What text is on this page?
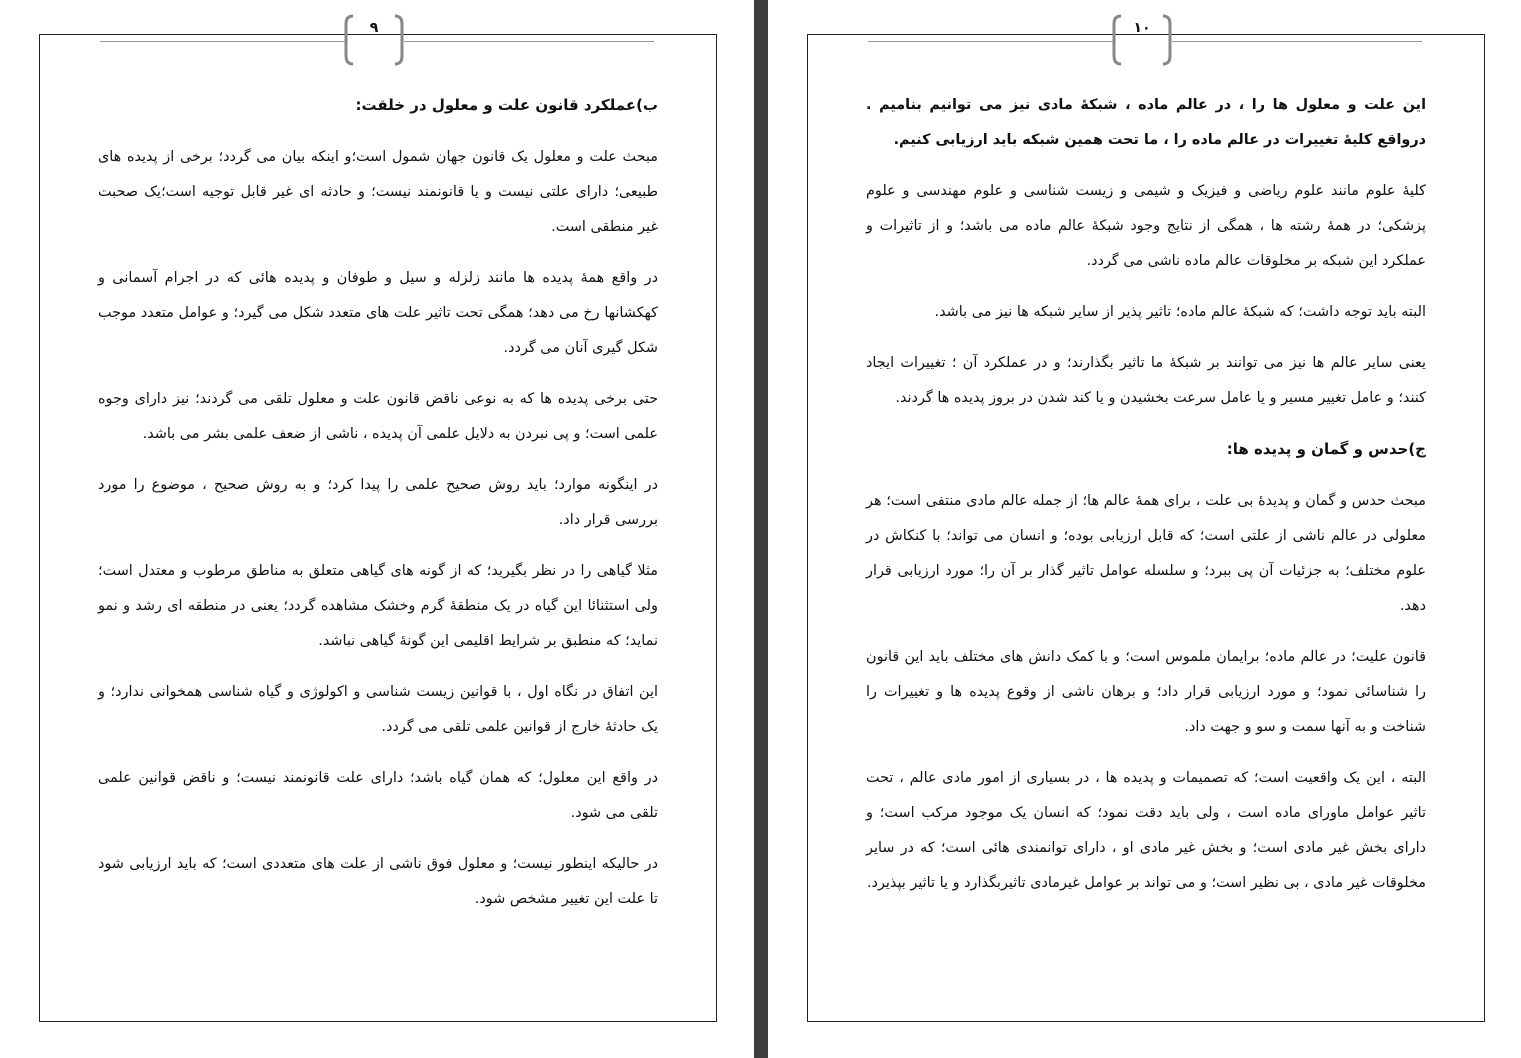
۹
ب)عملکرد قانون علت و معلول در خلقت:

مبحث علت و معلول یک قانون جهان شمول است؛و اینکه بیان می گردد؛ برخی از پدیده های طبیعی؛ دارای علتی نیست و یا قانونمند نیست؛ و حادثه ای غیر قابل توجیه است؛یک صحبت غیر منطقی است.

در واقع همهٔ پدیده ها مانند زلزله و سیل و طوفان و پدیده هائی که در اجرام آسمانی و کهکشانها رخ می دهد؛ همگی تحت تاثیر علت های متعدد شکل می گیرد؛ و عوامل متعدد موجب شکل گیری آنان می گردد.

حتی برخی پدیده ها که به نوعی ناقض قانون علت و معلول تلقی می گردند؛ نیز دارای وجوه علمی است؛ و پی نبردن به دلایل علمی آن پدیده ، ناشی از ضعف علمی بشر می باشد.

در اینگونه موارد؛ باید روش صحیح علمی را پیدا کرد؛ و به روش صحیح ، موضوع را مورد بررسی قرار داد.

مثلا گیاهی را در نظر بگیرید؛ که از گونه های گیاهی متعلق به مناطق مرطوب و معتدل است؛ ولی استثنائا این گیاه در یک منطقهٔ گرم وخشک مشاهده گردد؛ یعنی در منطقه ای رشد و نمو نماید؛ که منطبق بر شرایط اقلیمی این گونهٔ گیاهی نباشد.

این اتفاق در نگاه اول ، با قوانین زیست شناسی و اکولوژی و گیاه شناسی همخوانی ندارد؛ و یک حادثهٔ خارج از قوانین علمی تلقی می گردد.

در واقع این معلول؛ که همان گیاه باشد؛ دارای علت قانونمند نیست؛ و ناقض قوانین علمی تلقی می شود.

در حالیکه اینطور نیست؛ و معلول فوق ناشی از علت های متعددی است؛ که باید ارزیابی شود تا علت این تغییر مشخص شود.

۱۰

این علت و معلول ها را ، در عالم ماده ، شبکهٔ مادی نیز می توانیم بنامیم . درواقع کلیهٔ تغییرات در عالم ماده را ، ما تحت همین شبکه باید ارزیابی کنیم.

کلیهٔ علوم مانند علوم ریاضی و فیزیک و شیمی و زیست شناسی و علوم مهندسی و علوم پزشکی؛ در همهٔ رشته ها ، همگی از نتایج وجود شبکهٔ عالم ماده می باشد؛ و از تاثیرات و عملکرد این شبکه بر مخلوقات عالم ماده ناشی می گردد.

البته باید توجه داشت؛ که شبکهٔ عالم ماده؛ تاثیر پذیر از سایر شبکه ها نیز می باشد.

یعنی سایر عالم ها نیز می توانند بر شبکهٔ ما تاثیر بگذارند؛ و در عملکرد آن ؛ تغییرات ایجاد کنند؛ و عامل تغییر مسیر و یا عامل سرعت بخشیدن و یا کند شدن در بروز پدیده ها گردند.

ج)حدس و گمان و پدیده ها:

مبحث حدس و گمان و پدیدهٔ بی علت ، برای همهٔ عالم ها؛ از جمله عالم مادی منتفی است؛ هر معلولی در عالم ناشی از علتی است؛ که قابل ارزیابی بوده؛ و انسان می تواند؛ با کنکاش در علوم مختلف؛ به جزئیات آن پی ببرد؛ و سلسله عوامل تاثیر گذار بر آن را؛ مورد ارزیابی قرار دهد.

قانون علیت؛ در عالم ماده؛ برایمان ملموس است؛ و با کمک دانش های مختلف باید این قانون را شناسائی نمود؛ و مورد ارزیابی قرار داد؛ و برهان ناشی از وقوع پدیده ها و تغییرات را شناخت و به آنها سمت و سو و جهت داد.

البته ، این یک واقعیت است؛ که تصمیمات و پدیده ها ، در بسیاری از امور مادی عالم ، تحت تاثیر عوامل ماورای ماده است ، ولی باید دقت نمود؛ که انسان یک موجود مرکب است؛ و دارای بخش غیر مادی است؛ و بخش غیر مادی او ، دارای توانمندی هائی است؛ که در سایر مخلوقات غیر مادی ، بی نظیر است؛ و می تواند بر عوامل غیرمادی تاثیربگذارد و یا تاثیر بپذیرد.
